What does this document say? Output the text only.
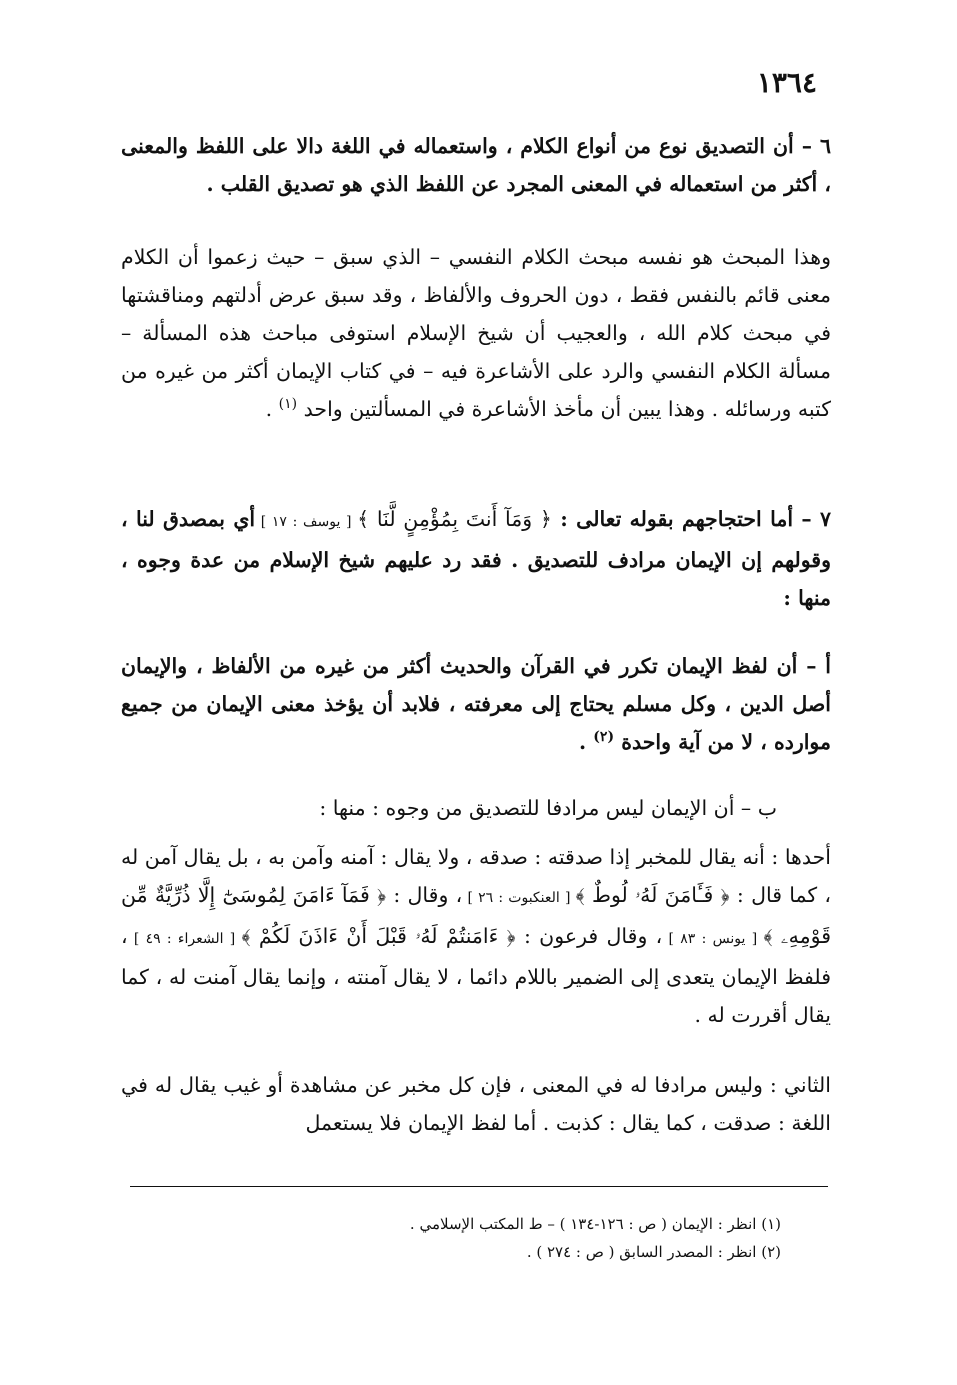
١٣٦٤

٦ – أن التصديق نوع من أنواع الكلام ، واستعماله في اللغة دالا على اللفظ والمعنى ، أكثر من استعماله في المعنى المجرد عن اللفظ الذي هو تصديق القلب .

وهذا المبحث هو نفسه مبحث الكلام النفسي – الذي سبق – حيث زعموا أن الكلام معنى قائم بالنفس فقط ، دون الحروف والألفاظ ، وقد سبق عرض أدلتهم ومناقشتها في مبحث كلام الله ، والعجيب أن شيخ الإسلام استوفى مباحث هذه المسألة – مسألة الكلام النفسي والرد على الأشاعرة فيه – في كتاب الإيمان أكثر من غيره من كتبه ورسائله . وهذا يبين أن مأخذ الأشاعرة في المسألتين واحد $^{(١)}$ .

٧ – أما احتجاجهم بقوله تعالى : ﴿ وَمَآ أَنتَ بِمُؤْمِنٍ لَّنَا ﴾ [ يوسف : ١٧ ] أي بمصدق لنا ، وقولهم إن الإيمان مرادف للتصديق . فقد رد عليهم شيخ الإسلام من عدة وجوه ، منها :

أ – أن لفظ الإيمان تكرر في القرآن والحديث أكثر من غيره من الألفاظ ، والإيمان أصل الدين ، وكل مسلم يحتاج إلى معرفته ، فلابد أن يؤخذ معنى الإيمان من جميع موارده ، لا من آية واحدة $^{(٢)}$ .

ب – أن الإيمان ليس مرادفا للتصديق من وجوه : منها :

أحدها : أنه يقال للمخبر إذا صدقته : صدقه ، ولا يقال : آمنه وآمن به ، بل يقال آمن له ، كما قال : ﴿ فَـَٔامَنَ لَهُۥ لُوطٌ ﴾ [ العنكبوت : ٢٦ ] ، وقال : ﴿ فَمَآ ءَامَنَ لِمُوسَىٰٓ إِلَّا ذُرِّيَّةٌ مِّن قَوْمِهِۦ ﴾ [ يونس : ٨٣ ] ، وقال فرعون : ﴿ ءَامَنتُمْ لَهُۥ قَبْلَ أَنْ ءَاذَنَ لَكُمْ ﴾ [ الشعراء : ٤٩ ] ، فلفظ الإيمان يتعدى إلى الضمير باللام دائما ، لا يقال آمنته ، وإنما يقال آمنت له ، كما يقال أقررت له .

الثاني : وليس مرادفا له في المعنى ، فإن كل مخبر عن مشاهدة أو غيب يقال له في اللغة : صدقت ، كما يقال : كذبت . أما لفظ الإيمان فلا يستعمل

(١) انظر : الإيمان ( ص : ١٢٦-١٣٤ ) – ط المكتب الإسلامي .
(٢) انظر : المصدر السابق ( ص : ٢٧٤ ) .
